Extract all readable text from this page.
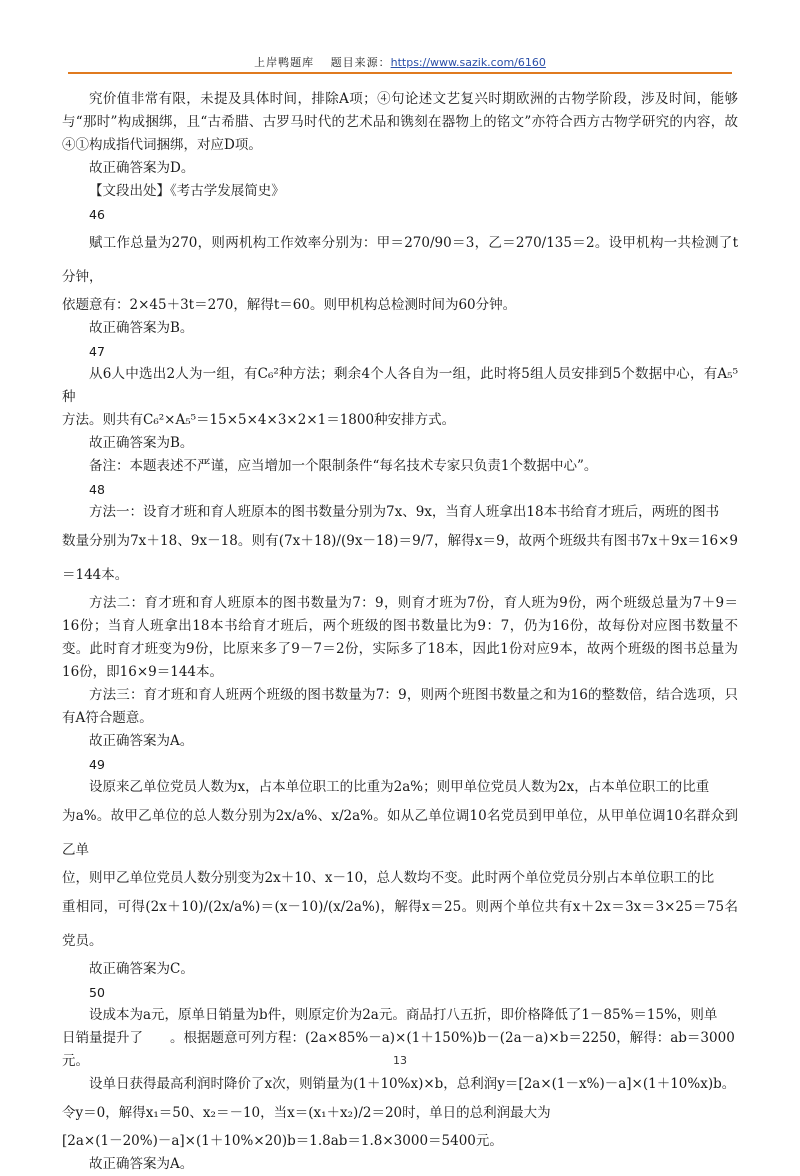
上岸鸭题库　 题目来源：https://www.sazik.com/6160

究价值非常有限，未提及具体时间，排除A项；④句论述文艺复兴时期欧洲的古物学阶段，涉及时间，能够与“那时”构成捆绑，且“古希腊、古罗马时代的艺术品和镌刻在器物上的铭文”亦符合西方古物学研究的内容，故④①构成指代词捆绑，对应D项。

故正确答案为D。

【文段出处】《考古学发展简史》

46

赋工作总量为270，则两机构工作效率分别为：甲＝270/90＝3，乙＝270/135＝2。设甲机构一共检测了t分钟，

依题意有：2×45＋3t＝270，解得t＝60。则甲机构总检测时间为60分钟。

故正确答案为B。

47

从6人中选出2人为一组，有C₆²种方法；剩余4个人各自为一组，此时将5组人员安排到5个数据中心，有A₅⁵种

方法。则共有C₆²×A₅⁵＝15×5×4×3×2×1＝1800种安排方式。

故正确答案为B。

备注：本题表述不严谨，应当增加一个限制条件“每名技术专家只负责1个数据中心”。

48

方法一：设育才班和育人班原本的图书数量分别为7x、9x，当育人班拿出18本书给育才班后，两班的图书

数量分别为7x＋18、9x－18。则有(7x＋18)/(9x－18)＝9/7，解得x＝9，故两个班级共有图书7x＋9x＝16×9＝144本。

方法二：育才班和育人班原本的图书数量为7：9，则育才班为7份，育人班为9份，两个班级总量为7＋9＝16份；当育人班拿出18本书给育才班后，两个班级的图书数量比为9：7，仍为16份，故每份对应图书数量不变。此时育才班变为9份，比原来多了9－7＝2份，实际多了18本，因此1份对应9本，故两个班级的图书总量为16份，即16×9＝144本。

方法三：育才班和育人班两个班级的图书数量为7：9，则两个班图书数量之和为16的整数倍，结合选项，只有A符合题意。

故正确答案为A。

49

设原来乙单位党员人数为x，占本单位职工的比重为2a%；则甲单位党员人数为2x，占本单位职工的比重

为a%。故甲乙单位的总人数分别为2x/a%、x/2a%。如从乙单位调10名党员到甲单位，从甲单位调10名群众到乙单

位，则甲乙单位党员人数分别变为2x＋10、x－10，总人数均不变。此时两个单位党员分别占本单位职工的比

重相同，可得(2x＋10)/(2x/a%)＝(x－10)/(x/2a%)，解得x＝25。则两个单位共有x＋2x＝3x＝3×25＝75名党员。

故正确答案为C。

50

设成本为a元，原单日销量为b件，则原定价为2a元。商品打八五折，即价格降低了1－85%＝15%，则单

日销量提升了　　。根据题意可列方程：(2a×85%－a)×(1＋150%)b－(2a－a)×b＝2250，解得：ab＝3000

元。

设单日获得最高利润时降价了x次，则销量为(1＋10%x)×b，总利润y＝[2a×(1－x%)－a]×(1＋10%x)b。

令y＝0，解得x₁＝50、x₂＝－10，当x＝(x₁＋x₂)/2＝20时，单日的总利润最大为

[2a×(1－20%)－a]×(1＋10%×20)b＝1.8ab＝1.8×3000＝5400元。

故正确答案为A。

13
